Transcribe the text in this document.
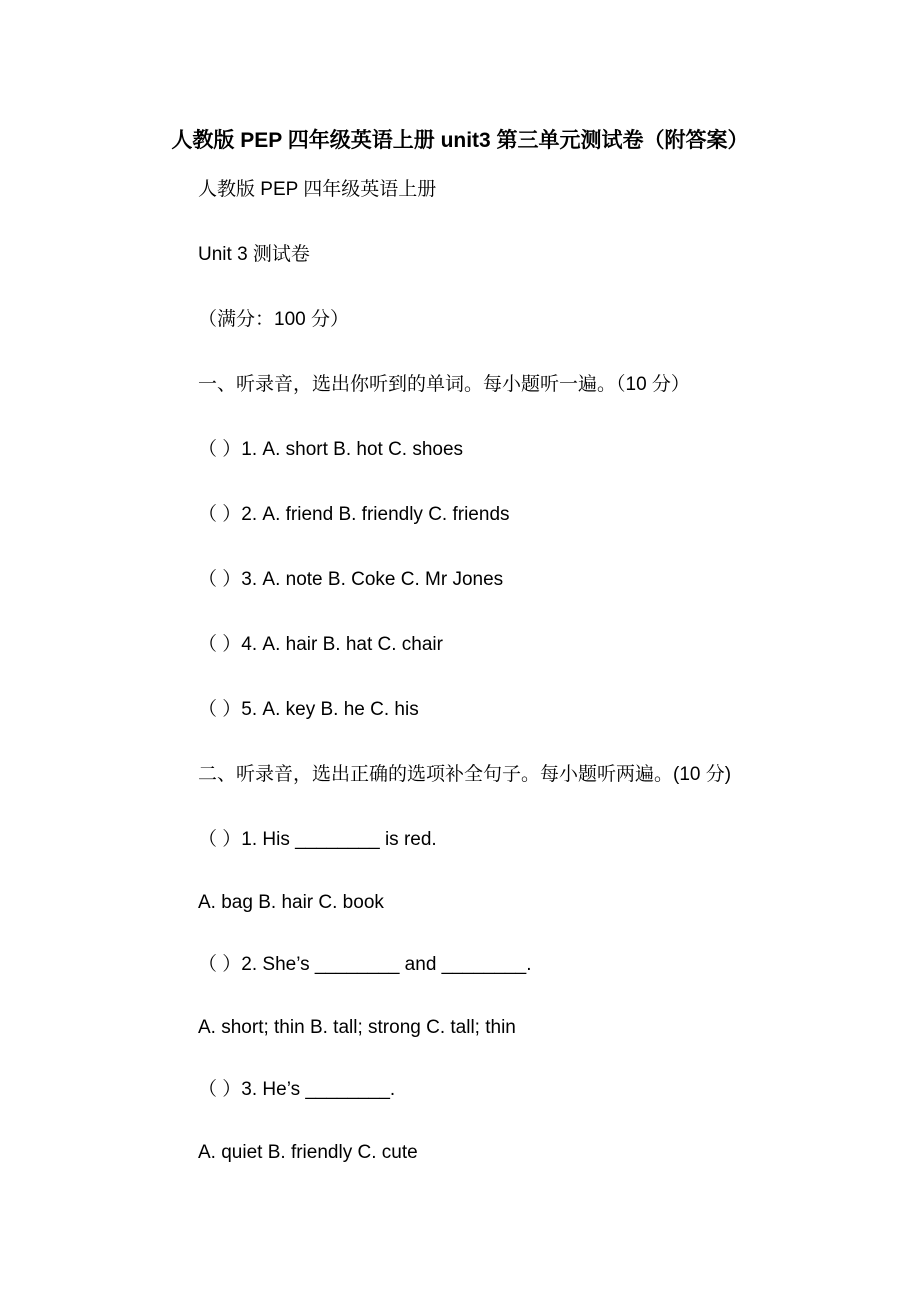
人教版 PEP 四年级英语上册 unit3 第三单元测试卷（附答案）
人教版 PEP 四年级英语上册
Unit 3 测试卷
（满分：100 分）
一、听录音，选出你听到的单词。每小题听一遍。（10 分）
（ ）1. A. short B. hot C. shoes
（ ）2. A. friend B. friendly C. friends
（ ）3. A. note B. Coke C. Mr Jones
（ ）4. A. hair B. hat C. chair
（ ）5. A. key B. he C. his
二、听录音，选出正确的选项补全句子。每小题听两遍。(10 分)
（ ）1. His ________ is red.
A. bag B. hair C. book
（ ）2. She’s ________ and ________.
A. short; thin B. tall; strong C. tall; thin
（ ）3. He’s ________.
A. quiet B. friendly C. cute
